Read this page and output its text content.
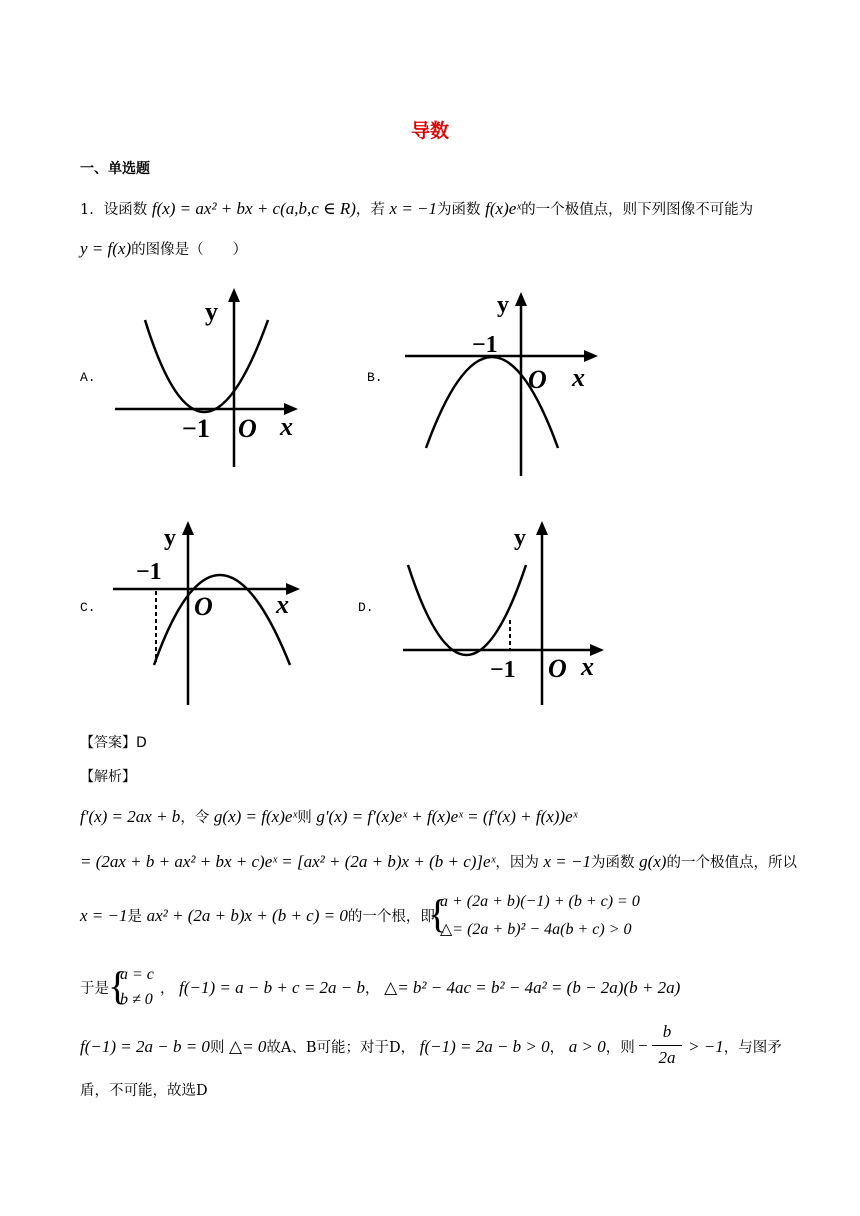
导数
一、单选题
1．设函数 f(x) = ax² + bx + c(a,b,c ∈ R)，若 x = −1为函数 f(x)eˣ的一个极值点，则下列图像不可能为
y = f(x)的图像是（　　）
A.	B.
C.	D.
y
x
O
−1
y
x
O
−1
y
x
O
−1
y
x
O
−1
【答案】D
【解析】
f′(x) = 2ax + b，令 g(x) = f(x)eˣ则 g′(x) = f′(x)eˣ + f(x)eˣ = (f′(x) + f(x))eˣ
= (2ax + b + ax² + bx + c)eˣ = [ax² + (2a + b)x + (b + c)]eˣ，因为 x = −1为函数 g(x)的一个极值点，所以
x = −1是 ax² + (2a + b)x + (b + c) = 0的一个根，即
{
a + (2a + b)(−1) + (b + c) = 0
△= (2a + b)² − 4a(b + c) > 0
于是 {
a = c
b ≠ 0
， f(−1) = a − b + c = 2a − b， △= b² − 4ac = b² − 4a² = (b − 2a)(b + 2a)
f(−1) = 2a − b = 0则 △= 0故A、B可能；对于D， f(−1) = 2a − b > 0， a > 0，则 −
b
2a
> −1，与图矛
盾，不可能，故选D
